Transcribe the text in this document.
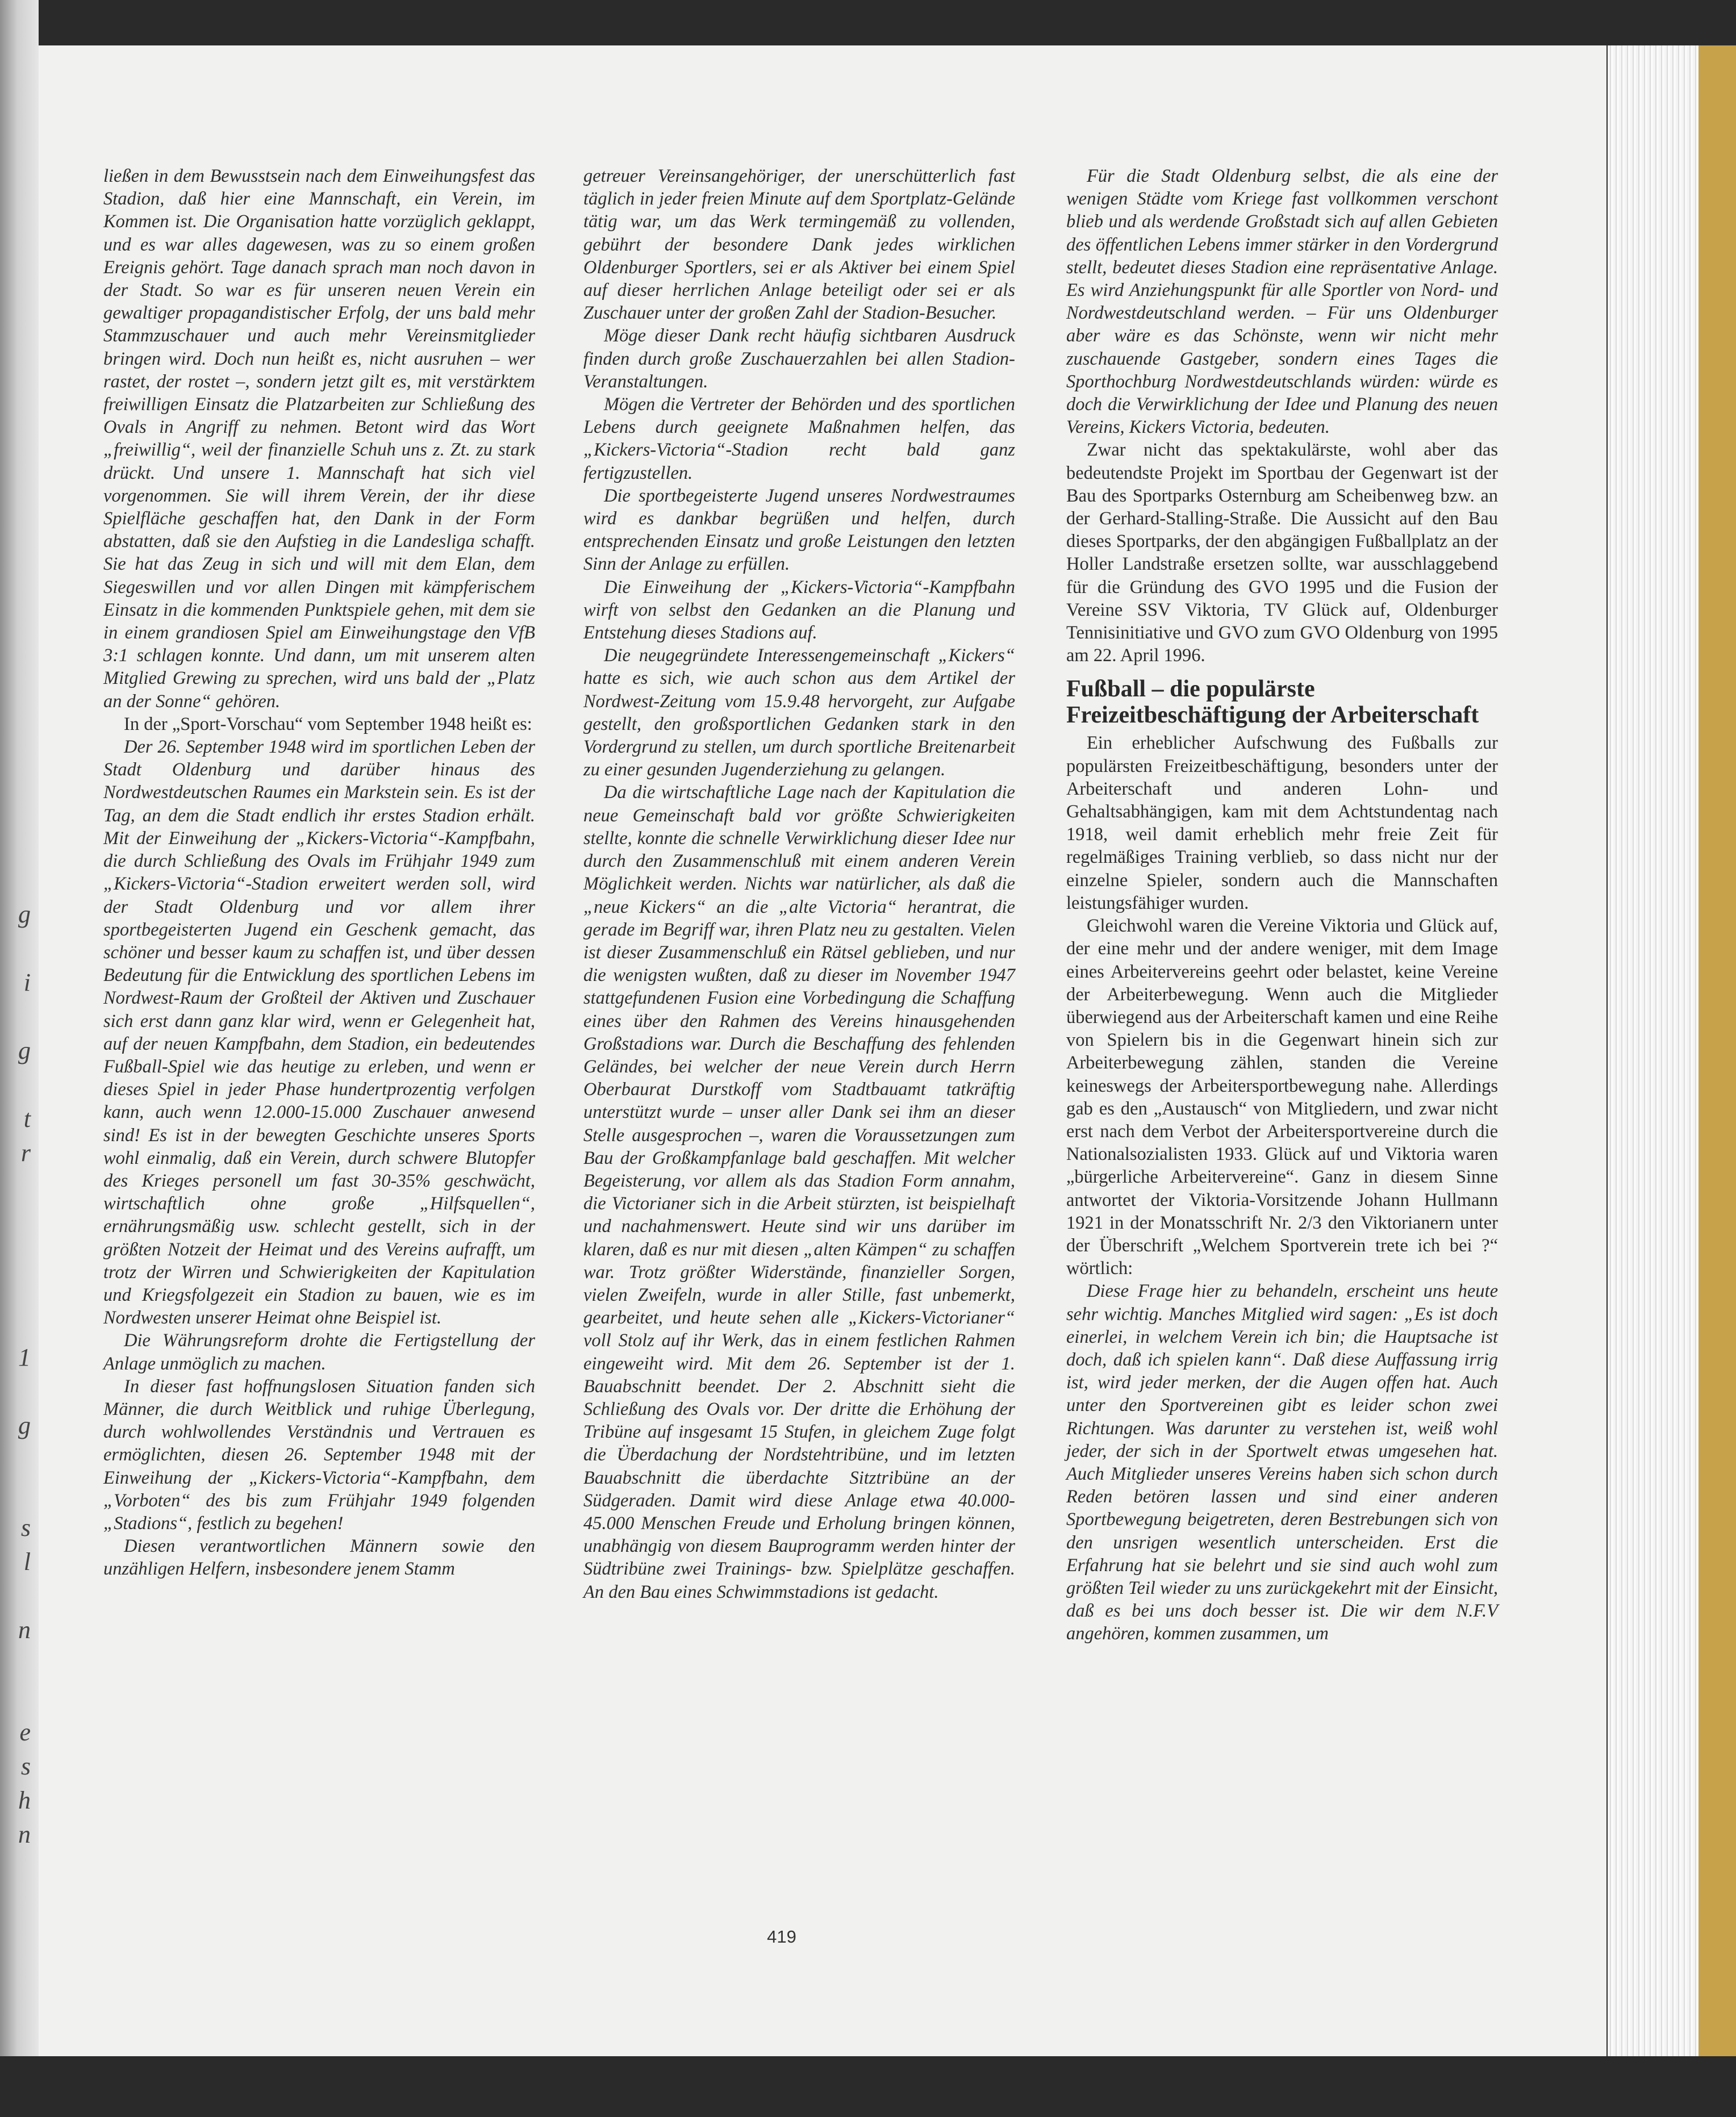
g
i
g
t
r
1
g
s
l
n
e
s
h
n

ließen in dem Bewusstsein nach dem Einweihungsfest das Stadion, daß hier eine Mannschaft, ein Verein, im Kommen ist. Die Organisation hatte vorzüglich geklappt, und es war alles dagewesen, was zu so einem großen Ereignis gehört. Tage danach sprach man noch davon in der Stadt. So war es für unseren neuen Verein ein gewaltiger propagandistischer Erfolg, der uns bald mehr Stammzuschauer und auch mehr Vereinsmitglieder bringen wird. Doch nun heißt es, nicht ausruhen – wer rastet, der rostet –, sondern jetzt gilt es, mit verstärktem freiwilligen Einsatz die Platzarbeiten zur Schließung des Ovals in Angriff zu nehmen. Betont wird das Wort „freiwillig“, weil der finanzielle Schuh uns z. Zt. zu stark drückt. Und unsere 1. Mannschaft hat sich viel vorgenommen. Sie will ihrem Verein, der ihr diese Spielfläche geschaffen hat, den Dank in der Form abstatten, daß sie den Aufstieg in die Landesliga schafft. Sie hat das Zeug in sich und will mit dem Elan, dem Siegeswillen und vor allen Dingen mit kämpferischem Einsatz in die kommenden Punktspiele gehen, mit dem sie in einem grandiosen Spiel am Einweihungstage den VfB 3:1 schlagen konnte. Und dann, um mit unserem alten Mitglied Grewing zu sprechen, wird uns bald der „Platz an der Sonne“ gehören.

In der „Sport-Vorschau“ vom September 1948 heißt es:

Der 26. September 1948 wird im sportlichen Leben der Stadt Oldenburg und darüber hinaus des Nordwestdeutschen Raumes ein Markstein sein. Es ist der Tag, an dem die Stadt endlich ihr erstes Stadion erhält. Mit der Einweihung der „Kickers-Victoria“-Kampfbahn, die durch Schließung des Ovals im Frühjahr 1949 zum „Kickers-Victoria“-Stadion erweitert werden soll, wird der Stadt Oldenburg und vor allem ihrer sportbegeisterten Jugend ein Geschenk gemacht, das schöner und besser kaum zu schaffen ist, und über dessen Bedeutung für die Entwicklung des sportlichen Lebens im Nordwest-Raum der Großteil der Aktiven und Zuschauer sich erst dann ganz klar wird, wenn er Gelegenheit hat, auf der neuen Kampfbahn, dem Stadion, ein bedeutendes Fußball-Spiel wie das heutige zu erleben, und wenn er dieses Spiel in jeder Phase hundertprozentig verfolgen kann, auch wenn 12.000-15.000 Zuschauer anwesend sind! Es ist in der bewegten Geschichte unseres Sports wohl einmalig, daß ein Verein, durch schwere Blutopfer des Krieges personell um fast 30-35% geschwächt, wirtschaftlich ohne große „Hilfsquellen“, ernährungsmäßig usw. schlecht gestellt, sich in der größten Notzeit der Heimat und des Vereins aufrafft, um trotz der Wirren und Schwierigkeiten der Kapitulation und Kriegsfolgezeit ein Stadion zu bauen, wie es im Nordwesten unserer Heimat ohne Beispiel ist.

Die Währungsreform drohte die Fertigstellung der Anlage unmöglich zu machen.

In dieser fast hoffnungslosen Situation fanden sich Männer, die durch Weitblick und ruhige Überlegung, durch wohlwollendes Verständnis und Vertrauen es ermöglichten, diesen 26. September 1948 mit der Einweihung der „Kickers-Victoria“-Kampfbahn, dem „Vorboten“ des bis zum Frühjahr 1949 folgenden „Stadions“, festlich zu begehen!

Diesen verantwortlichen Männern sowie den unzähligen Helfern, insbesondere jenem Stamm

getreuer Vereinsangehöriger, der unerschütterlich fast täglich in jeder freien Minute auf dem Sportplatz-Gelände tätig war, um das Werk termingemäß zu vollenden, gebührt der besondere Dank jedes wirklichen Oldenburger Sportlers, sei er als Aktiver bei einem Spiel auf dieser herrlichen Anlage beteiligt oder sei er als Zuschauer unter der großen Zahl der Stadion-Besucher.

Möge dieser Dank recht häufig sichtbaren Ausdruck finden durch große Zuschauerzahlen bei allen Stadion-Veranstaltungen.

Mögen die Vertreter der Behörden und des sportlichen Lebens durch geeignete Maßnahmen helfen, das „Kickers-Victoria“-Stadion recht bald ganz fertigzustellen.

Die sportbegeisterte Jugend unseres Nordwestraumes wird es dankbar begrüßen und helfen, durch entsprechenden Einsatz und große Leistungen den letzten Sinn der Anlage zu erfüllen.

Die Einweihung der „Kickers-Victoria“-Kampfbahn wirft von selbst den Gedanken an die Planung und Entstehung dieses Stadions auf.

Die neugegründete Interessengemeinschaft „Kickers“ hatte es sich, wie auch schon aus dem Artikel der Nordwest-Zeitung vom 15.9.48 hervorgeht, zur Aufgabe gestellt, den großsportlichen Gedanken stark in den Vordergrund zu stellen, um durch sportliche Breitenarbeit zu einer gesunden Jugenderziehung zu gelangen.

Da die wirtschaftliche Lage nach der Kapitulation die neue Gemeinschaft bald vor größte Schwierigkeiten stellte, konnte die schnelle Verwirklichung dieser Idee nur durch den Zusammenschluß mit einem anderen Verein Möglichkeit werden. Nichts war natürlicher, als daß die „neue Kickers“ an die „alte Victoria“ herantrat, die gerade im Begriff war, ihren Platz neu zu gestalten. Vielen ist dieser Zusammenschluß ein Rätsel geblieben, und nur die wenigsten wußten, daß zu dieser im November 1947 stattgefundenen Fusion eine Vorbedingung die Schaffung eines über den Rahmen des Vereins hinausgehenden Großstadions war. Durch die Beschaffung des fehlenden Geländes, bei welcher der neue Verein durch Herrn Oberbaurat Durstkoff vom Stadtbauamt tatkräftig unterstützt wurde – unser aller Dank sei ihm an dieser Stelle ausgesprochen –, waren die Voraussetzungen zum Bau der Großkampfanlage bald geschaffen. Mit welcher Begeisterung, vor allem als das Stadion Form annahm, die Victorianer sich in die Arbeit stürzten, ist beispielhaft und nachahmenswert. Heute sind wir uns darüber im klaren, daß es nur mit diesen „alten Kämpen“ zu schaffen war. Trotz größter Widerstände, finanzieller Sorgen, vielen Zweifeln, wurde in aller Stille, fast unbemerkt, gearbeitet, und heute sehen alle „Kickers-Victorianer“ voll Stolz auf ihr Werk, das in einem festlichen Rahmen eingeweiht wird. Mit dem 26. September ist der 1. Bauabschnitt beendet. Der 2. Abschnitt sieht die Schließung des Ovals vor. Der dritte die Erhöhung der Tribüne auf insgesamt 15 Stufen, in gleichem Zuge folgt die Überdachung der Nordstehtribüne, und im letzten Bauabschnitt die überdachte Sitztribüne an der Südgeraden. Damit wird diese Anlage etwa 40.000-45.000 Menschen Freude und Erholung bringen können, unabhängig von diesem Bauprogramm werden hinter der Südtribüne zwei Trainings- bzw. Spielplätze geschaffen. An den Bau eines Schwimmstadions ist gedacht.

Für die Stadt Oldenburg selbst, die als eine der wenigen Städte vom Kriege fast vollkommen verschont blieb und als werdende Großstadt sich auf allen Gebieten des öffentlichen Lebens immer stärker in den Vordergrund stellt, bedeutet dieses Stadion eine repräsentative Anlage. Es wird Anziehungspunkt für alle Sportler von Nord- und Nordwestdeutschland werden. – Für uns Oldenburger aber wäre es das Schönste, wenn wir nicht mehr zuschauende Gastgeber, sondern eines Tages die Sporthochburg Nordwestdeutschlands würden: würde es doch die Verwirklichung der Idee und Planung des neuen Vereins, Kickers Victoria, bedeuten.

Zwar nicht das spektakulärste, wohl aber das bedeutendste Projekt im Sportbau der Gegenwart ist der Bau des Sportparks Osternburg am Scheibenweg bzw. an der Gerhard-Stalling-Straße. Die Aussicht auf den Bau dieses Sportparks, der den abgängigen Fußballplatz an der Holler Landstraße ersetzen sollte, war ausschlaggebend für die Gründung des GVO 1995 und die Fusion der Vereine SSV Viktoria, TV Glück auf, Oldenburger Tennisinitiative und GVO zum GVO Oldenburg von 1995 am 22. April 1996.

Fußball – die populärste Freizeitbeschäftigung der Arbeiterschaft

Ein erheblicher Aufschwung des Fußballs zur populärsten Freizeitbeschäftigung, besonders unter der Arbeiterschaft und anderen Lohn- und Gehaltsabhängigen, kam mit dem Achtstundentag nach 1918, weil damit erheblich mehr freie Zeit für regelmäßiges Training verblieb, so dass nicht nur der einzelne Spieler, sondern auch die Mannschaften leistungsfähiger wurden.

Gleichwohl waren die Vereine Viktoria und Glück auf, der eine mehr und der andere weniger, mit dem Image eines Arbeitervereins geehrt oder belastet, keine Vereine der Arbeiterbewegung. Wenn auch die Mitglieder überwiegend aus der Arbeiterschaft kamen und eine Reihe von Spielern bis in die Gegenwart hinein sich zur Arbeiterbewegung zählen, standen die Vereine keineswegs der Arbeitersportbewegung nahe. Allerdings gab es den „Austausch“ von Mitgliedern, und zwar nicht erst nach dem Verbot der Arbeitersportvereine durch die Nationalsozialisten 1933. Glück auf und Viktoria waren „bürgerliche Arbeitervereine“. Ganz in diesem Sinne antwortet der Viktoria-Vorsitzende Johann Hullmann 1921 in der Monatsschrift Nr. 2/3 den Viktorianern unter der Überschrift „Welchem Sportverein trete ich bei ?“ wörtlich:

Diese Frage hier zu behandeln, erscheint uns heute sehr wichtig. Manches Mitglied wird sagen: „Es ist doch einerlei, in welchem Verein ich bin; die Hauptsache ist doch, daß ich spielen kann“. Daß diese Auffassung irrig ist, wird jeder merken, der die Augen offen hat. Auch unter den Sportvereinen gibt es leider schon zwei Richtungen. Was darunter zu verstehen ist, weiß wohl jeder, der sich in der Sportwelt etwas umgesehen hat. Auch Mitglieder unseres Vereins haben sich schon durch Reden betören lassen und sind einer anderen Sportbewegung beigetreten, deren Bestrebungen sich von den unsrigen wesentlich unterscheiden. Erst die Erfahrung hat sie belehrt und sie sind auch wohl zum größten Teil wieder zu uns zurückgekehrt mit der Einsicht, daß es bei uns doch besser ist. Die wir dem N.F.V angehören, kommen zusammen, um

419
